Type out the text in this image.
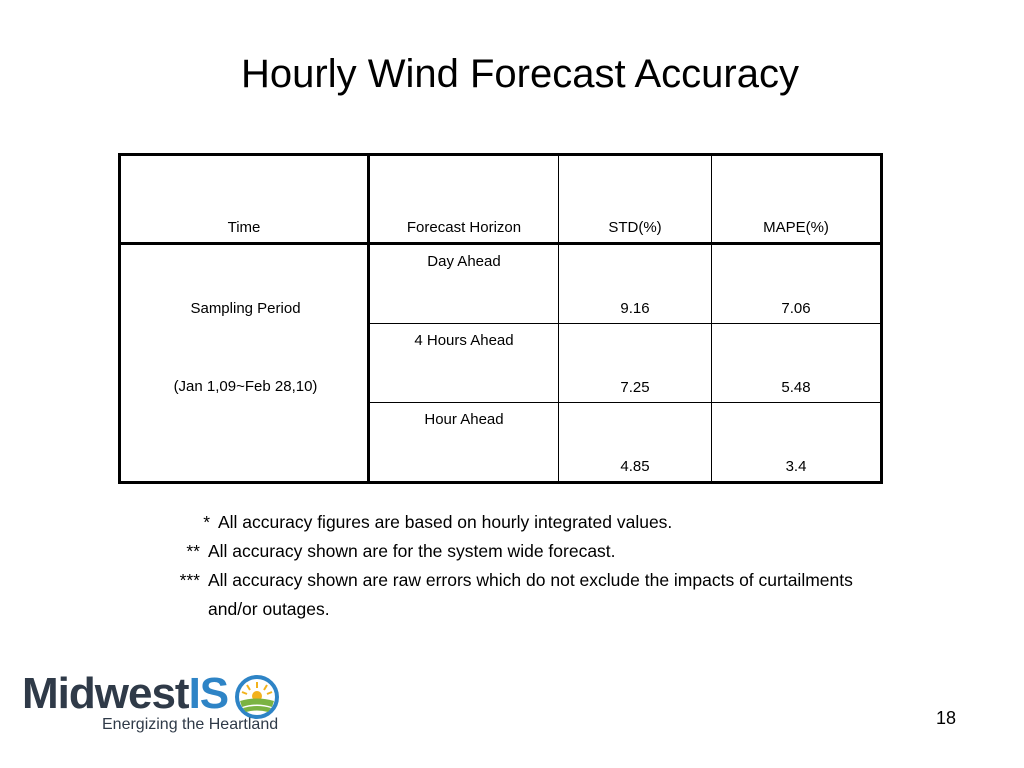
Hourly Wind Forecast Accuracy
Time	Forecast Horizon	STD(%)	MAPE(%)

Sampling Period
(Jan 1,09~Feb 28,10)	Day Ahead	9.16	7.06

	4 Hours Ahead	7.25	5.48

	Hour Ahead	4.85	3.4
* All accuracy figures are based on hourly integrated values.
** All accuracy shown are for the system wide forecast.
*** All accuracy shown are raw errors which do not exclude the impacts of curtailments
and/or outages.
MidwestIS
Energizing the Heartland	18
